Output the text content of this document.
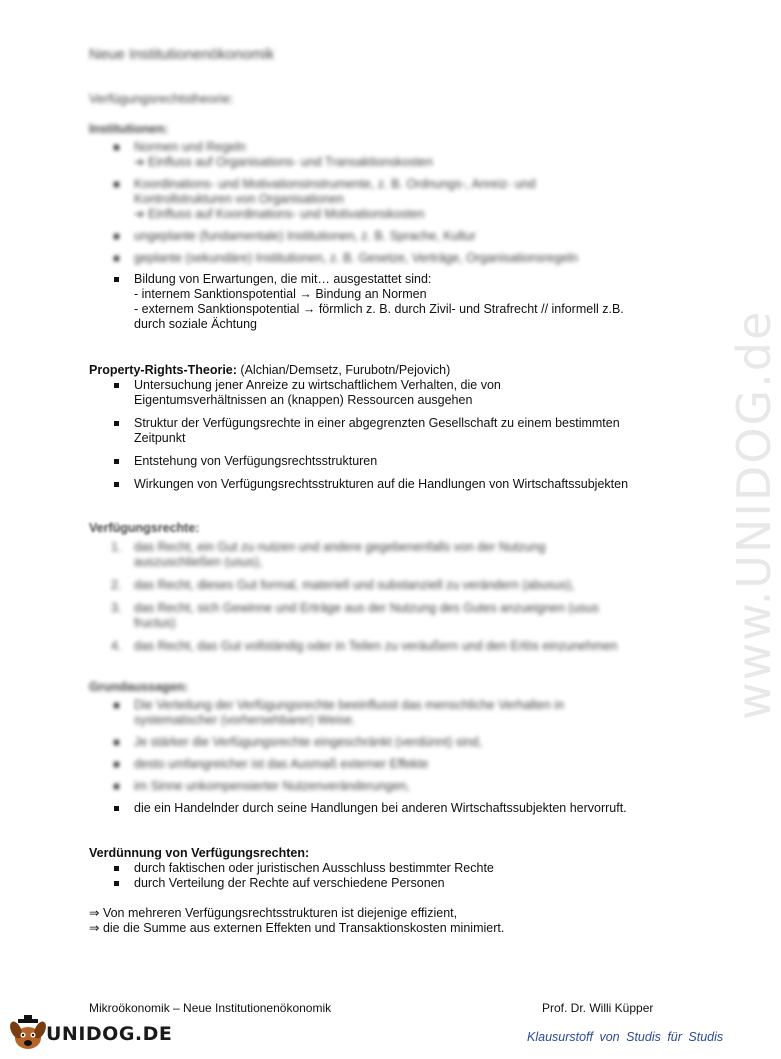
www.UNIDOG.de
Neue Institutionenökonomik
Verfügungsrechtstheorie:
Institutionen:
Normen und Regeln
➔ Einfluss auf Organisations- und Transaktionskosten
Koordinations- und Motivationsinstrumente, z. B. Ordnungs-, Anreiz- und
Kontrollstrukturen von Organisationen
➔ Einfluss auf Koordinations- und Motivationskosten
ungeplante (fundamentale) Institutionen, z. B. Sprache, Kultur
geplante (sekundäre) Institutionen, z. B. Gesetze, Verträge, Organisationsregeln
Bildung von Erwartungen, die mit… ausgestattet sind:
- internem Sanktionspotential → Bindung an Normen
- externem Sanktionspotential → förmlich z. B. durch Zivil- und Strafrecht // informell z.B.
durch soziale Ächtung
Property-Rights-Theorie: (Alchian/Demsetz, Furubotn/Pejovich)
Untersuchung jener Anreize zu wirtschaftlichem Verhalten, die von
Eigentumsverhältnissen an (knappen) Ressourcen ausgehen
Struktur der Verfügungsrechte in einer abgegrenzten Gesellschaft zu einem bestimmten
Zeitpunkt
Entstehung von Verfügungsrechtsstrukturen
Wirkungen von Verfügungsrechtsstrukturen auf die Handlungen von Wirtschaftssubjekten
Verfügungsrechte:
1. das Recht, ein Gut zu nutzen und andere gegebenenfalls von der Nutzung
auszuschließen (usus),
2. das Recht, dieses Gut formal, materiell und substanziell zu verändern (abusus),
3. das Recht, sich Gewinne und Erträge aus der Nutzung des Gutes anzueignen (usus
fructus)
4. das Recht, das Gut vollständig oder in Teilen zu veräußern und den Erlös einzunehmen
Grundaussagen:
Die Verteilung der Verfügungsrechte beeinflusst das menschliche Verhalten in
systematischer (vorhersehbarer) Weise.
Je stärker die Verfügungsrechte eingeschränkt (verdünnt) sind,
desto umfangreicher ist das Ausmaß externer Effekte
im Sinne unkompensierter Nutzenveränderungen,
die ein Handelnder durch seine Handlungen bei anderen Wirtschaftssubjekten hervorruft.
Verdünnung von Verfügungsrechten:
durch faktischen oder juristischen Ausschluss bestimmter Rechte
durch Verteilung der Rechte auf verschiedene Personen
⇒ Von mehreren Verfügungsrechtsstrukturen ist diejenige effizient,
⇒ die die Summe aus externen Effekten und Transaktionskosten minimiert.
Mikroökonomik – Neue Institutionenökonomik	Prof. Dr. Willi Küpper
UNIDOG.DE	Klausurstoff von Studis für Studis
